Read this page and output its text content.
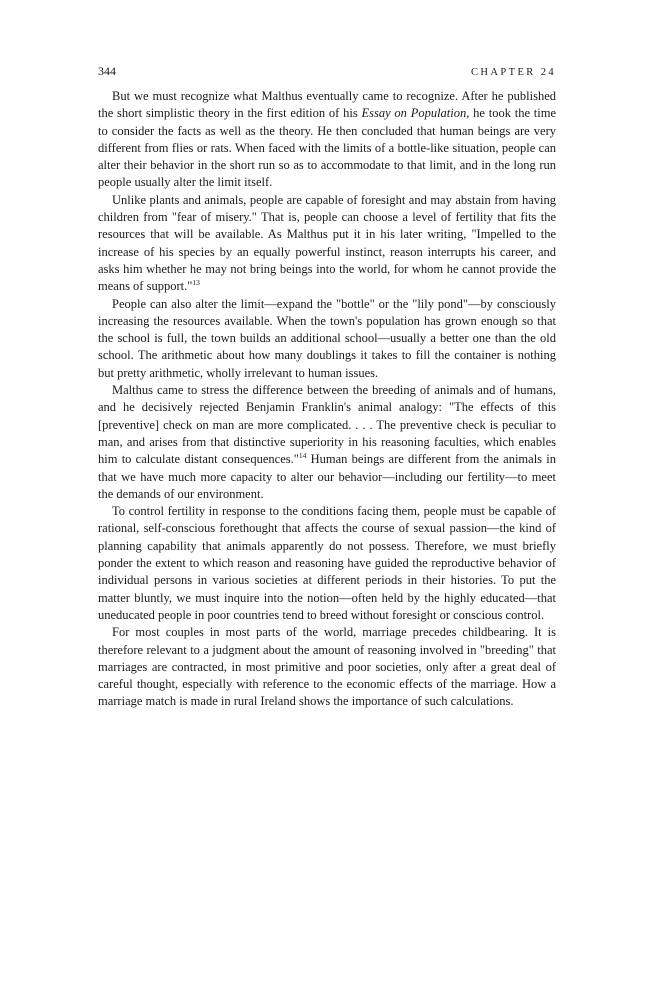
344	CHAPTER 24

But we must recognize what Malthus eventually came to recognize. After he published the short simplistic theory in the first edition of his Essay on Population, he took the time to consider the facts as well as the theory. He then concluded that human beings are very different from flies or rats. When faced with the limits of a bottle-like situation, people can alter their behavior in the short run so as to accommodate to that limit, and in the long run people usually alter the limit itself.

Unlike plants and animals, people are capable of foresight and may abstain from having children from "fear of misery." That is, people can choose a level of fertility that fits the resources that will be available. As Malthus put it in his later writing, "Impelled to the increase of his species by an equally powerful instinct, reason interrupts his career, and asks him whether he may not bring beings into the world, for whom he cannot provide the means of support."$^{13}$

People can also alter the limit—expand the "bottle" or the "lily pond"—by consciously increasing the resources available. When the town's population has grown enough so that the school is full, the town builds an additional school—usually a better one than the old school. The arithmetic about how many doublings it takes to fill the container is nothing but pretty arithmetic, wholly irrelevant to human issues.

Malthus came to stress the difference between the breeding of animals and of humans, and he decisively rejected Benjamin Franklin's animal analogy: "The effects of this [preventive] check on man are more complicated. . . . The preventive check is peculiar to man, and arises from that distinctive superiority in his reasoning faculties, which enables him to calculate distant consequences."$^{14}$ Human beings are different from the animals in that we have much more capacity to alter our behavior—including our fertility—to meet the demands of our environment.

To control fertility in response to the conditions facing them, people must be capable of rational, self-conscious forethought that affects the course of sexual passion—the kind of planning capability that animals apparently do not possess. Therefore, we must briefly ponder the extent to which reason and reasoning have guided the reproductive behavior of individual persons in various societies at different periods in their histories. To put the matter bluntly, we must inquire into the notion—often held by the highly educated—that uneducated people in poor countries tend to breed without foresight or conscious control.

For most couples in most parts of the world, marriage precedes childbearing. It is therefore relevant to a judgment about the amount of reasoning involved in "breeding" that marriages are contracted, in most primitive and poor societies, only after a great deal of careful thought, especially with reference to the economic effects of the marriage. How a marriage match is made in rural Ireland shows the importance of such calculations.
